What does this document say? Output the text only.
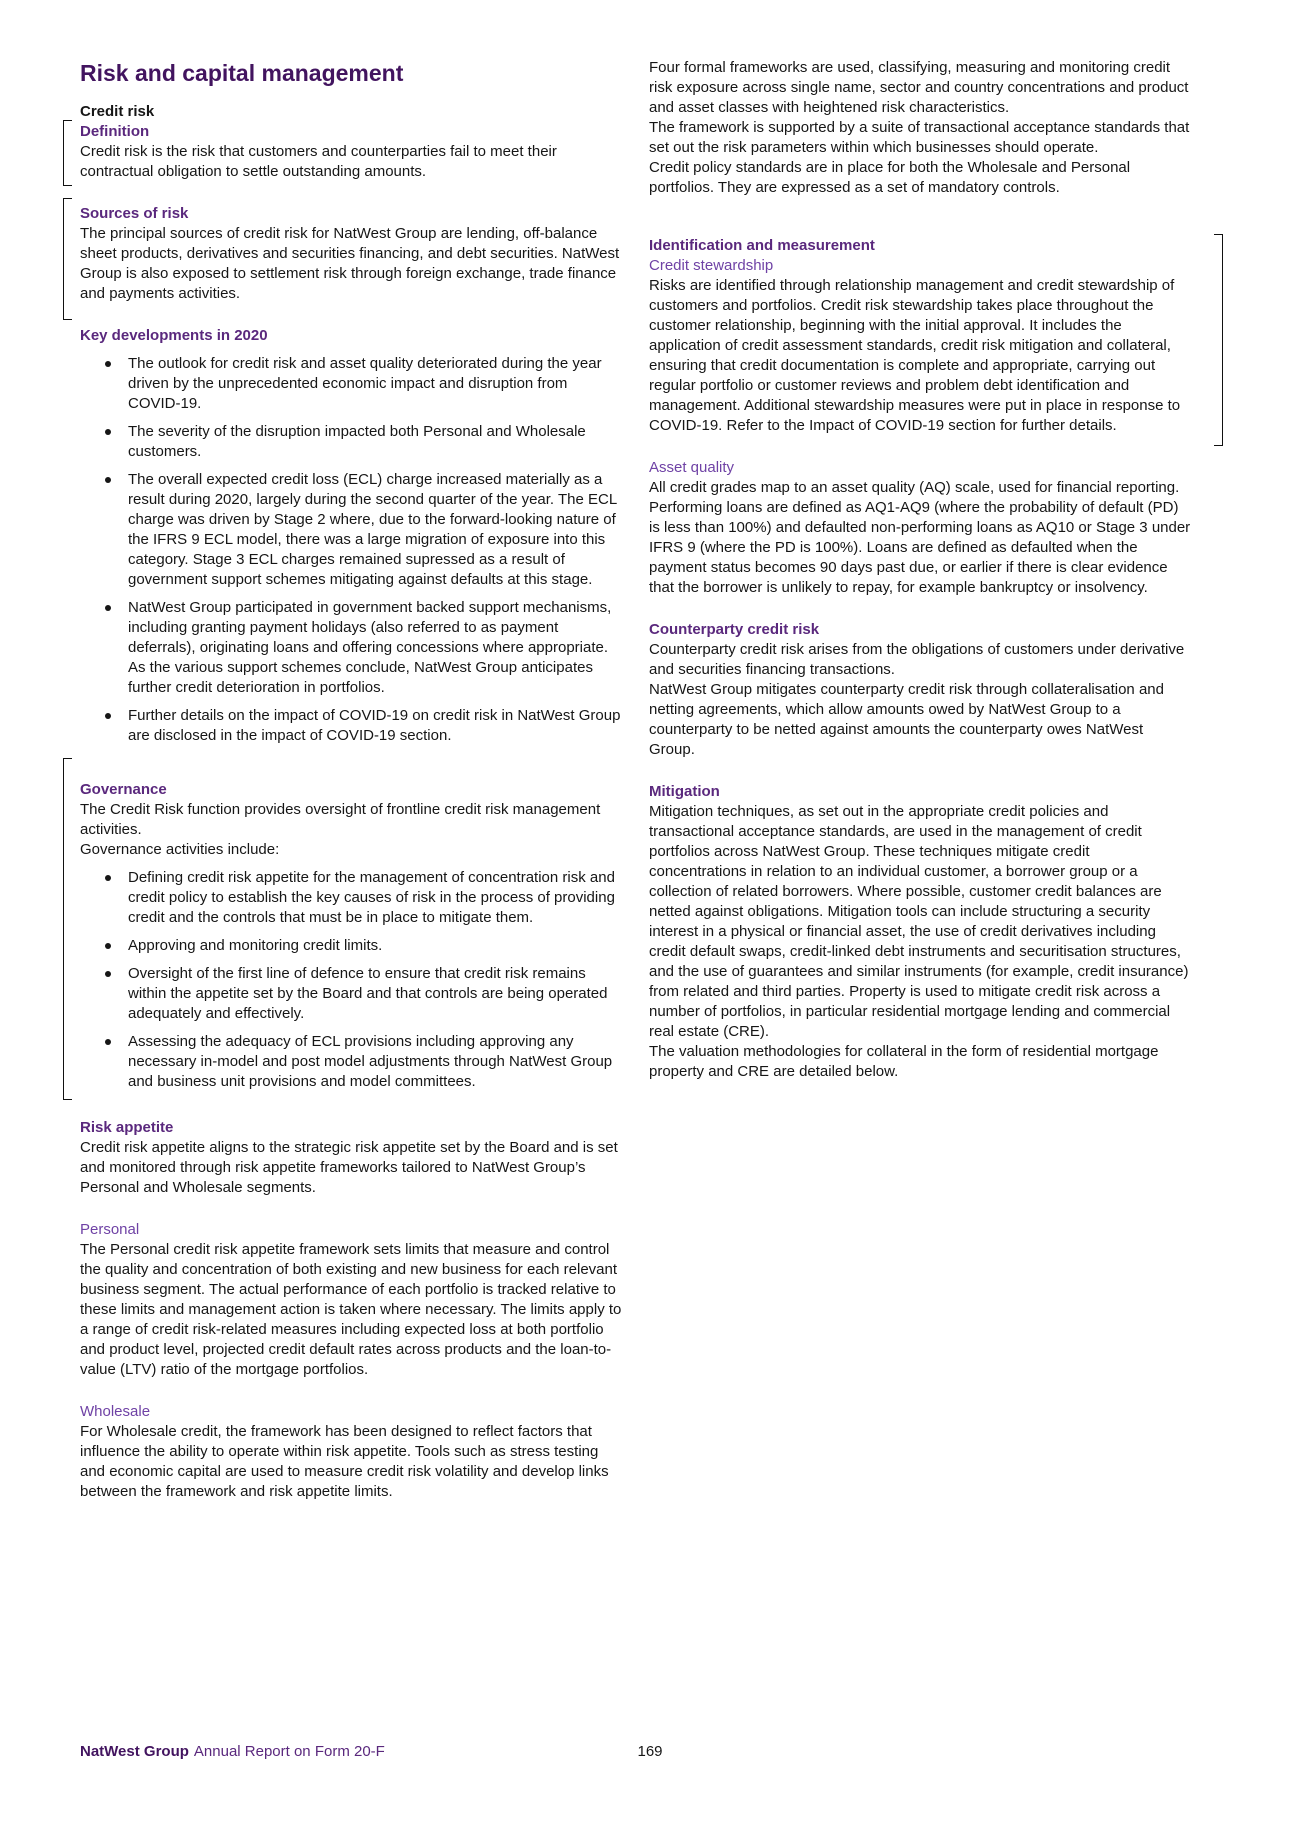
Risk and capital management

Credit risk

Definition

Credit risk is the risk that customers and counterparties fail to meet their contractual obligation to settle outstanding amounts.

Sources of risk

The principal sources of credit risk for NatWest Group are lending, off-balance sheet products, derivatives and securities financing, and debt securities. NatWest Group is also exposed to settlement risk through foreign exchange, trade finance and payments activities.

Key developments in 2020

The outlook for credit risk and asset quality deteriorated during the year driven by the unprecedented economic impact and disruption from COVID-19.
The severity of the disruption impacted both Personal and Wholesale customers.
The overall expected credit loss (ECL) charge increased materially as a result during 2020, largely during the second quarter of the year. The ECL charge was driven by Stage 2 where, due to the forward-looking nature of the IFRS 9 ECL model, there was a large migration of exposure into this category. Stage 3 ECL charges remained supressed as a result of government support schemes mitigating against defaults at this stage.
NatWest Group participated in government backed support mechanisms, including granting payment holidays (also referred to as payment deferrals), originating loans and offering concessions where appropriate. As the various support schemes conclude, NatWest Group anticipates further credit deterioration in portfolios.
Further details on the impact of COVID-19 on credit risk in NatWest Group are disclosed in the impact of COVID-19 section.

Governance

The Credit Risk function provides oversight of frontline credit risk management activities.

Governance activities include:

Defining credit risk appetite for the management of concentration risk and credit policy to establish the key causes of risk in the process of providing credit and the controls that must be in place to mitigate them.
Approving and monitoring credit limits.
Oversight of the first line of defence to ensure that credit risk remains within the appetite set by the Board and that controls are being operated adequately and effectively.
Assessing the adequacy of ECL provisions including approving any necessary in-model and post model adjustments through NatWest Group and business unit provisions and model committees.

Risk appetite

Credit risk appetite aligns to the strategic risk appetite set by the Board and is set and monitored through risk appetite frameworks tailored to NatWest Group’s Personal and Wholesale segments.

Personal

The Personal credit risk appetite framework sets limits that measure and control the quality and concentration of both existing and new business for each relevant business segment. The actual performance of each portfolio is tracked relative to these limits and management action is taken where necessary. The limits apply to a range of credit risk-related measures including expected loss at both portfolio and product level, projected credit default rates across products and the loan-to-value (LTV) ratio of the mortgage portfolios.

Wholesale

For Wholesale credit, the framework has been designed to reflect factors that influence the ability to operate within risk appetite. Tools such as stress testing and economic capital are used to measure credit risk volatility and develop links between the framework and risk appetite limits.

Four formal frameworks are used, classifying, measuring and monitoring credit risk exposure across single name, sector and country concentrations and product and asset classes with heightened risk characteristics.

The framework is supported by a suite of transactional acceptance standards that set out the risk parameters within which businesses should operate.

Credit policy standards are in place for both the Wholesale and Personal portfolios. They are expressed as a set of mandatory controls.

Identification and measurement

Credit stewardship

Risks are identified through relationship management and credit stewardship of customers and portfolios. Credit risk stewardship takes place throughout the customer relationship, beginning with the initial approval. It includes the application of credit assessment standards, credit risk mitigation and collateral, ensuring that credit documentation is complete and appropriate, carrying out regular portfolio or customer reviews and problem debt identification and management. Additional stewardship measures were put in place in response to COVID-19. Refer to the Impact of COVID-19 section for further details.

Asset quality

All credit grades map to an asset quality (AQ) scale, used for financial reporting. Performing loans are defined as AQ1-AQ9 (where the probability of default (PD) is less than 100%) and defaulted non-performing loans as AQ10 or Stage 3 under IFRS 9 (where the PD is 100%). Loans are defined as defaulted when the payment status becomes 90 days past due, or earlier if there is clear evidence that the borrower is unlikely to repay, for example bankruptcy or insolvency.

Counterparty credit risk

Counterparty credit risk arises from the obligations of customers under derivative and securities financing transactions.

NatWest Group mitigates counterparty credit risk through collateralisation and netting agreements, which allow amounts owed by NatWest Group to a counterparty to be netted against amounts the counterparty owes NatWest Group.

Mitigation

Mitigation techniques, as set out in the appropriate credit policies and transactional acceptance standards, are used in the management of credit portfolios across NatWest Group. These techniques mitigate credit concentrations in relation to an individual customer, a borrower group or a collection of related borrowers. Where possible, customer credit balances are netted against obligations. Mitigation tools can include structuring a security interest in a physical or financial asset, the use of credit derivatives including credit default swaps, credit-linked debt instruments and securitisation structures, and the use of guarantees and similar instruments (for example, credit insurance) from related and third parties. Property is used to mitigate credit risk across a number of portfolios, in particular residential mortgage lending and commercial real estate (CRE).

The valuation methodologies for collateral in the form of residential mortgage property and CRE are detailed below.

169
NatWest Group Annual Report on Form 20-F
